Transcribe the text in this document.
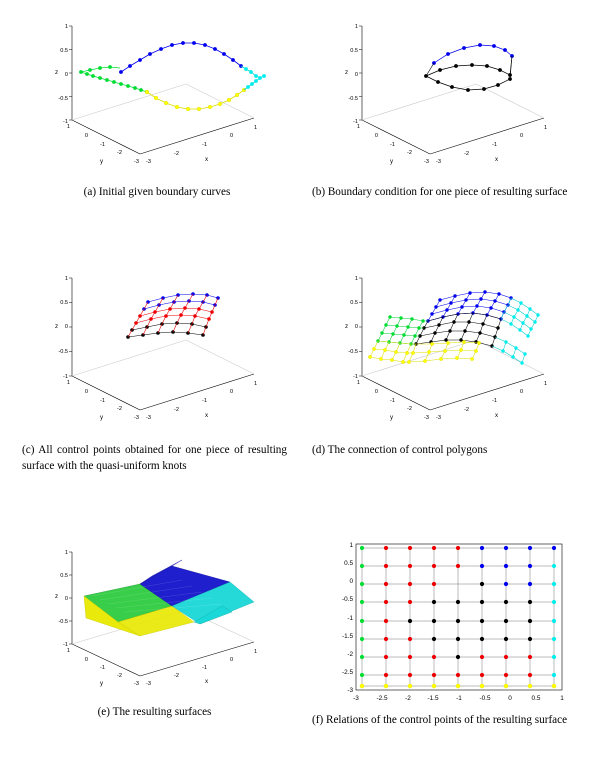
1
0.5
0
-0.5
-1
1
0
-1
-2
-3 -3
-2
-1
0
1
z
y	x
(a) Initial given boundary curves
1
0.5
0
-0.5
-1
1
0
-1
-2
-3 -3
-2
-1
0
1
z
y	x
(b) Boundary condition for one piece of resulting surface
1
0.5
0
-0.5
-1
1
0
-1
-2
-3 -3
-2
-1
0
1
z
y	x
(c) All control points obtained for one piece of resulting surface with the quasi-uniform knots
1
0.5
0
-0.5
-1
1
0
-1
-2
-3 -3
-2
-1
0
1
z
y	x
(d) The connection of control polygons
1
0.5
0
-0.5
-1
1
0
-1
-2
-3 -3
-2
-1
0
1
z
y	x
(e) The resulting surfaces
1
0.5
0
-0.5
-1
-1.5
-2
-2.5
-3
-3	-2.5	-2	-1.5	-1	-0.5	0	0.5	1
(f) Relations of the control points of the resulting surface
